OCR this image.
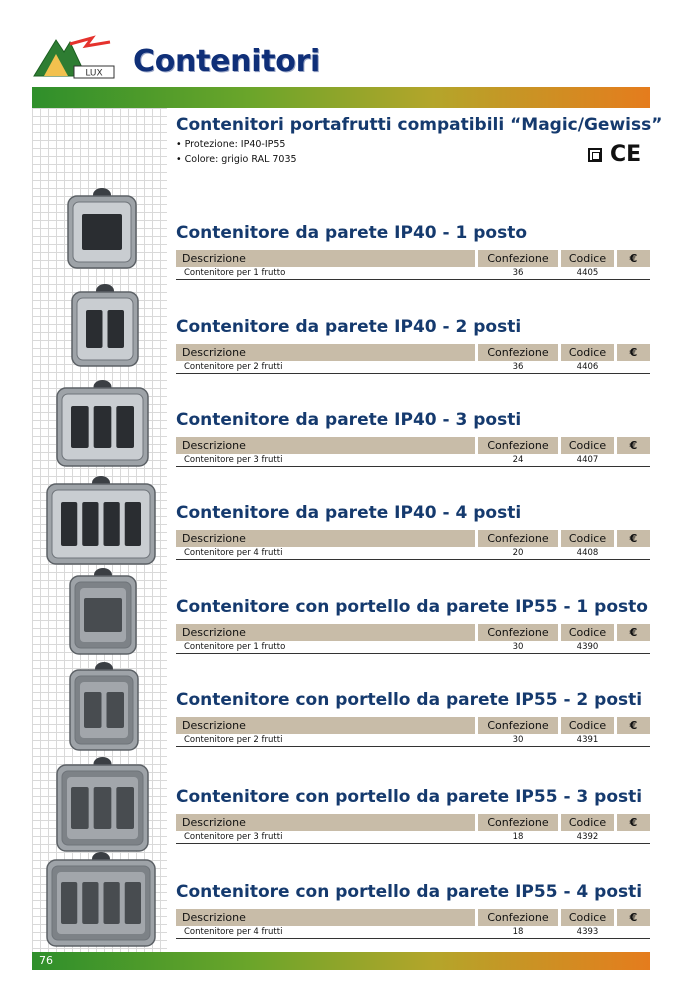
LUX Contenitori
Contenitori portafrutti compatibili “Magic/Gewiss”
• Protezione: IP40-IP55
• Colore: grigio RAL 7035	CE
Contenitore da parete IP40 - 1 posto
Descrizione	Confezione	Codice	€
Contenitore per 1 frutto	36	4405
Contenitore da parete IP40 - 2 posti
Descrizione	Confezione	Codice	€
Contenitore per 2 frutti	36	4406
Contenitore da parete IP40 - 3 posti
Descrizione	Confezione	Codice	€
Contenitore per 3 frutti	24	4407
Contenitore da parete IP40 - 4 posti
Descrizione	Confezione	Codice	€
Contenitore per 4 frutti	20	4408
Contenitore con portello da parete IP55 - 1 posto
Descrizione	Confezione	Codice	€
Contenitore per 1 frutto	30	4390
Contenitore con portello da parete IP55 - 2 posti
Descrizione	Confezione	Codice	€
Contenitore per 2 frutti	30	4391
Contenitore con portello da parete IP55 - 3 posti
Descrizione	Confezione	Codice	€
Contenitore per 3 frutti	18	4392
Contenitore con portello da parete IP55 - 4 posti
Descrizione	Confezione	Codice	€
Contenitore per 4 frutti	18	4393
76
